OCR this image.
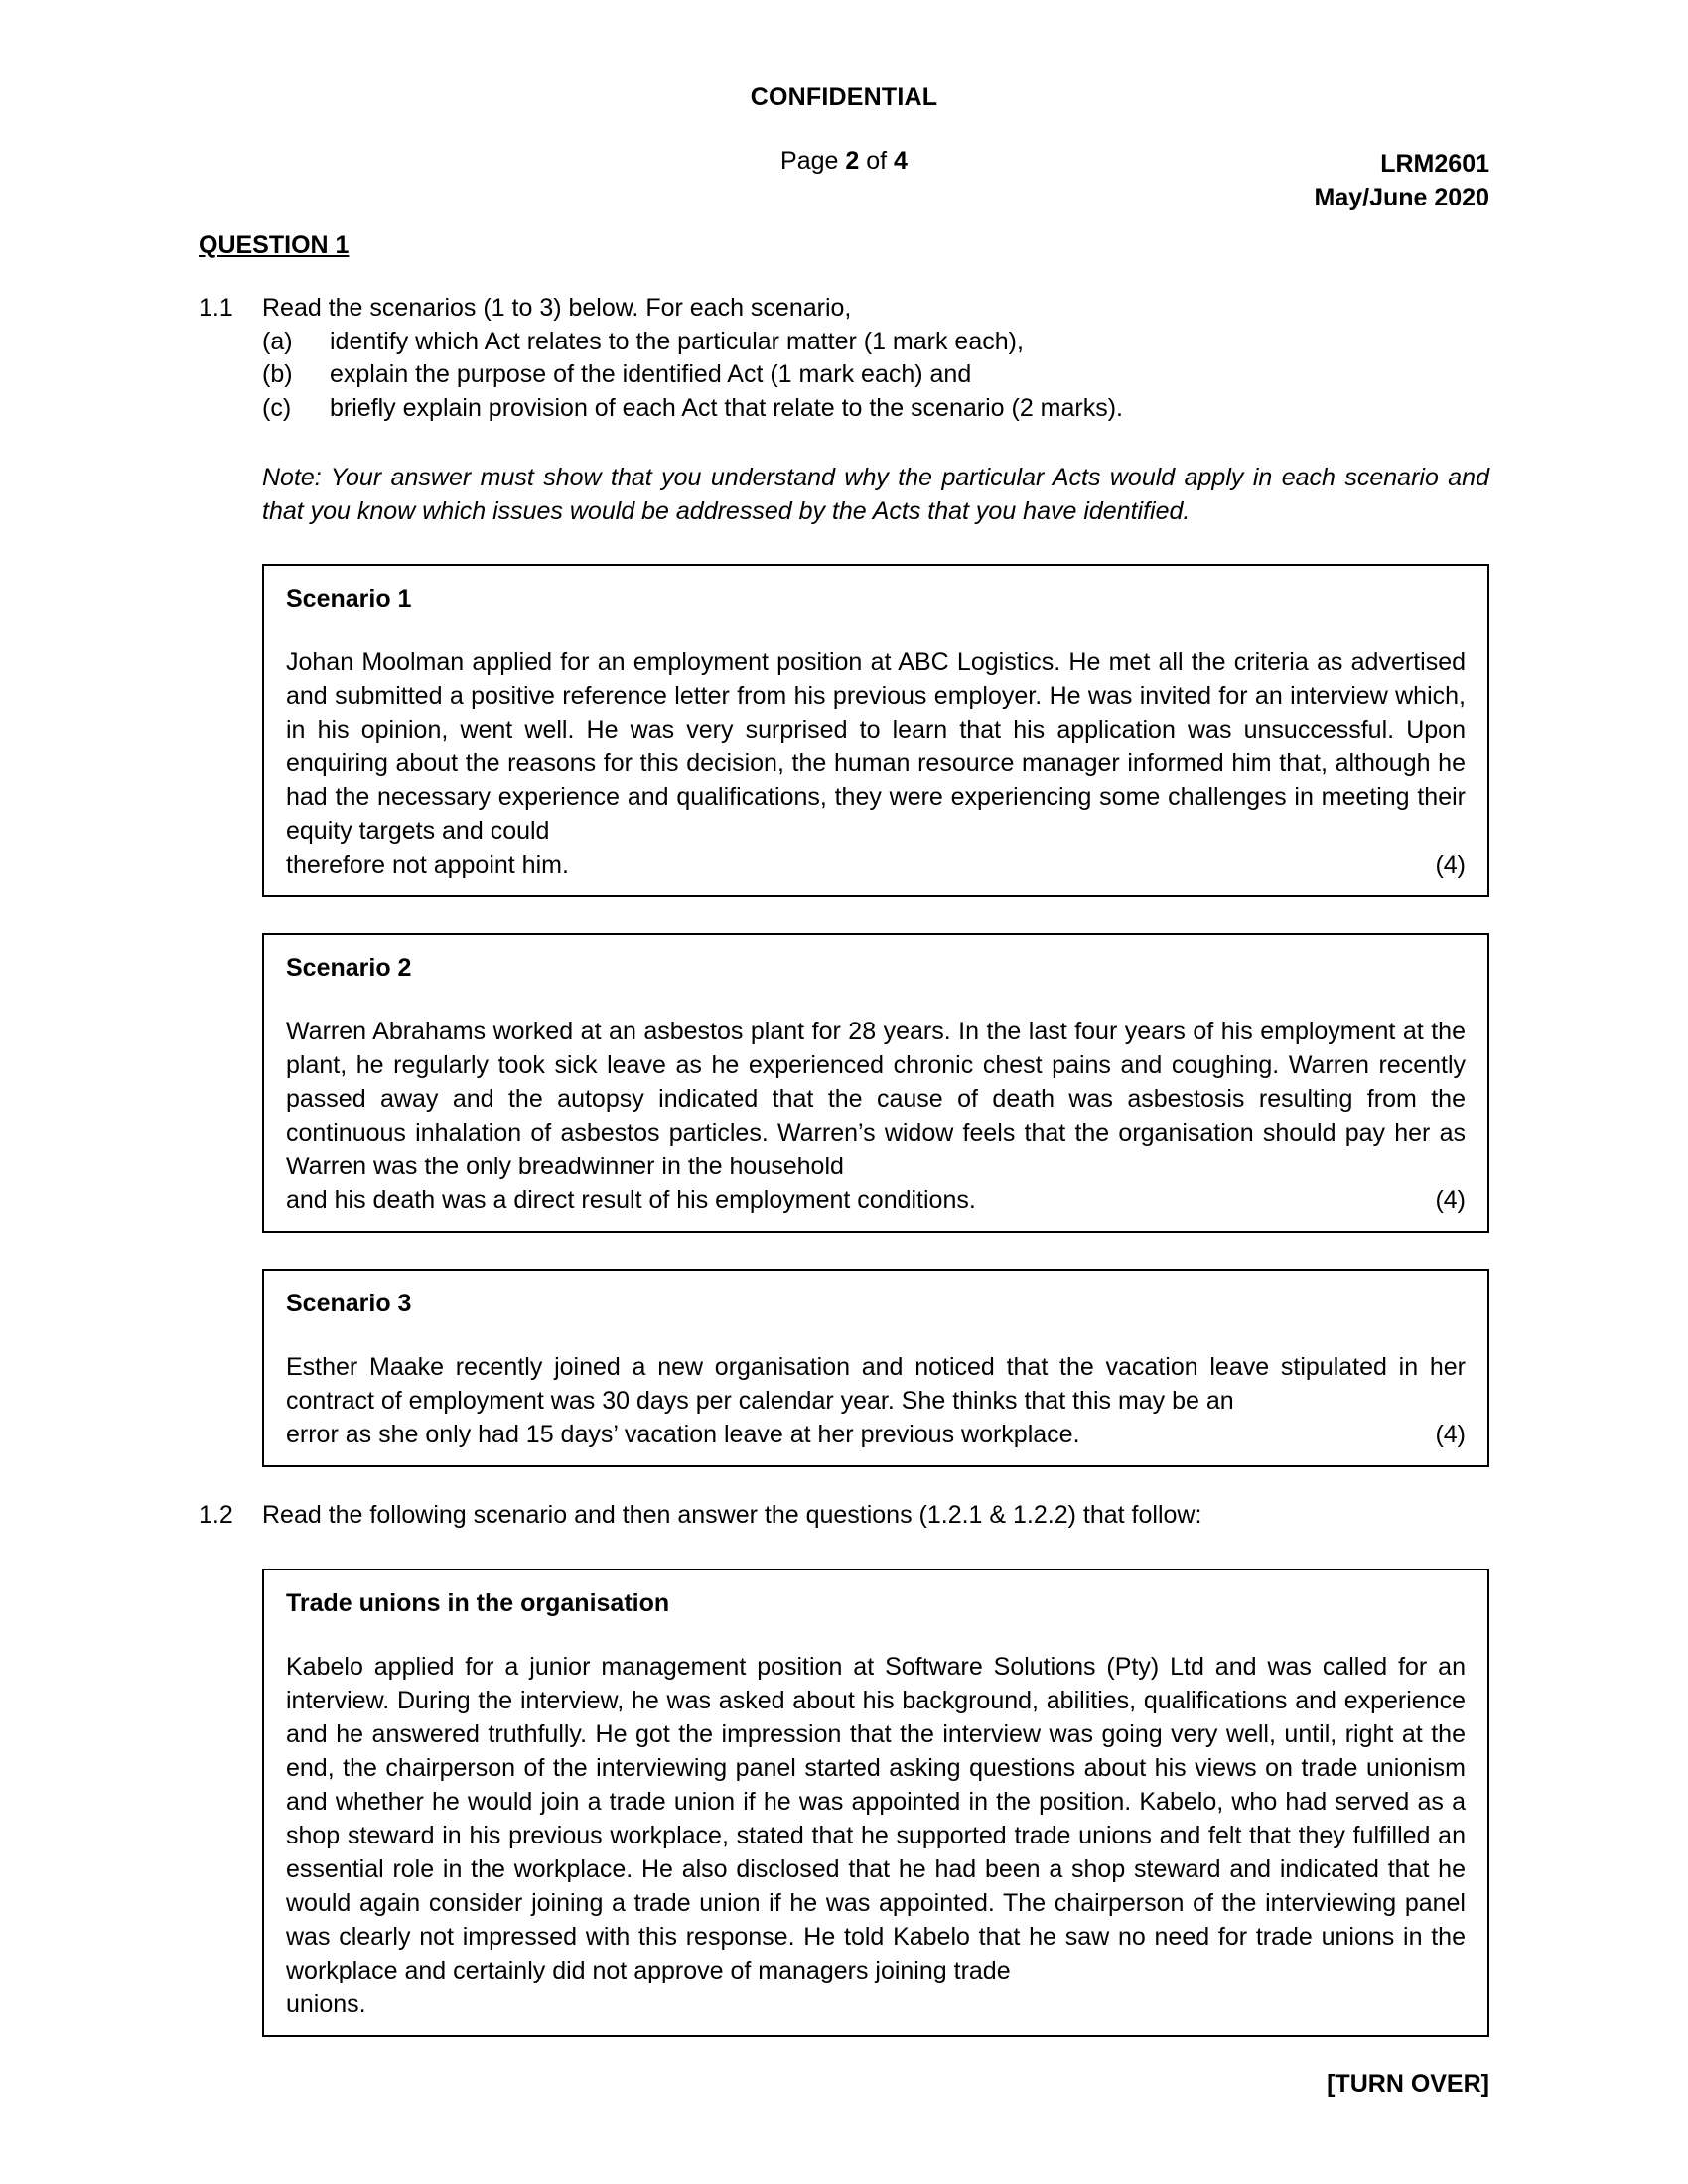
CONFIDENTIAL
Page 2 of 4	LRM2601
May/June 2020
QUESTION 1
1.1	Read the scenarios (1 to 3) below. For each scenario,
(a)	identify which Act relates to the particular matter (1 mark each),
(b)	explain the purpose of the identified Act (1 mark each) and
(c)	briefly explain provision of each Act that relate to the scenario (2 marks).
Note: Your answer must show that you understand why the particular Acts would apply in each scenario and that you know which issues would be addressed by the Acts that you have identified.
Scenario 1
Johan Moolman applied for an employment position at ABC Logistics. He met all the criteria as advertised and submitted a positive reference letter from his previous employer. He was invited for an interview which, in his opinion, went well. He was very surprised to learn that his application was unsuccessful. Upon enquiring about the reasons for this decision, the human resource manager informed him that, although he had the necessary experience and qualifications, they were experiencing some challenges in meeting their equity targets and could
therefore not appoint him.	(4)
Scenario 2
Warren Abrahams worked at an asbestos plant for 28 years. In the last four years of his employment at the plant, he regularly took sick leave as he experienced chronic chest pains and coughing. Warren recently passed away and the autopsy indicated that the cause of death was asbestosis resulting from the continuous inhalation of asbestos particles. Warren’s widow feels that the organisation should pay her as Warren was the only breadwinner in the household
and his death was a direct result of his employment conditions.	(4)
Scenario 3
Esther Maake recently joined a new organisation and noticed that the vacation leave stipulated in her contract of employment was 30 days per calendar year. She thinks that this may be an
error as she only had 15 days’ vacation leave at her previous workplace.	(4)
1.2	Read the following scenario and then answer the questions (1.2.1 & 1.2.2) that follow:
Trade unions in the organisation
Kabelo applied for a junior management position at Software Solutions (Pty) Ltd and was called for an interview. During the interview, he was asked about his background, abilities, qualifications and experience and he answered truthfully. He got the impression that the interview was going very well, until, right at the end, the chairperson of the interviewing panel started asking questions about his views on trade unionism and whether he would join a trade union if he was appointed in the position. Kabelo, who had served as a shop steward in his previous workplace, stated that he supported trade unions and felt that they fulfilled an essential role in the workplace. He also disclosed that he had been a shop steward and indicated that he would again consider joining a trade union if he was appointed. The chairperson of the interviewing panel was clearly not impressed with this response. He told Kabelo that he saw no need for trade unions in the workplace and certainly did not approve of managers joining trade
unions.
[TURN OVER]
